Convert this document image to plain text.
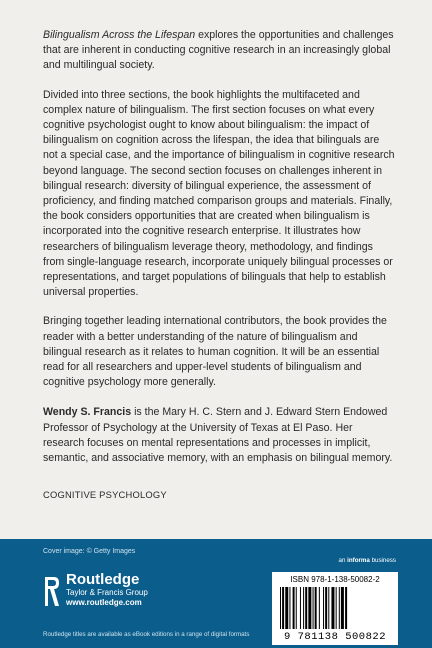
Bilingualism Across the Lifespan explores the opportunities and challenges that are inherent in conducting cognitive research in an increasingly global and multilingual society.

Divided into three sections, the book highlights the multifaceted and complex nature of bilingualism. The first section focuses on what every cognitive psychologist ought to know about bilingualism: the impact of bilingualism on cognition across the lifespan, the idea that bilinguals are not a special case, and the importance of bilingualism in cognitive research beyond language. The second section focuses on challenges inherent in bilingual research: diversity of bilingual experience, the assessment of proficiency, and finding matched comparison groups and materials. Finally, the book considers opportunities that are created when bilingualism is incorporated into the cognitive research enterprise. It illustrates how researchers of bilingualism leverage theory, methodology, and findings from single-language research, incorporate uniquely bilingual processes or representations, and target populations of bilinguals that help to establish universal properties.

Bringing together leading international contributors, the book provides the reader with a better understanding of the nature of bilingualism and bilingual research as it relates to human cognition. It will be an essential read for all researchers and upper-level students of bilingualism and cognitive psychology more generally.

Wendy S. Francis is the Mary H. C. Stern and J. Edward Stern Endowed Professor of Psychology at the University of Texas at El Paso. Her research focuses on mental representations and processes in implicit, semantic, and associative memory, with an emphasis on bilingual memory.

COGNITIVE PSYCHOLOGY
Cover image: © Getty Images
an informa business
Routledge
Taylor & Francis Group
www.routledge.com
Routledge titles are available as eBook editions in a range of digital formats
ISBN 978-1-138-50082-2
9 781138 500822
